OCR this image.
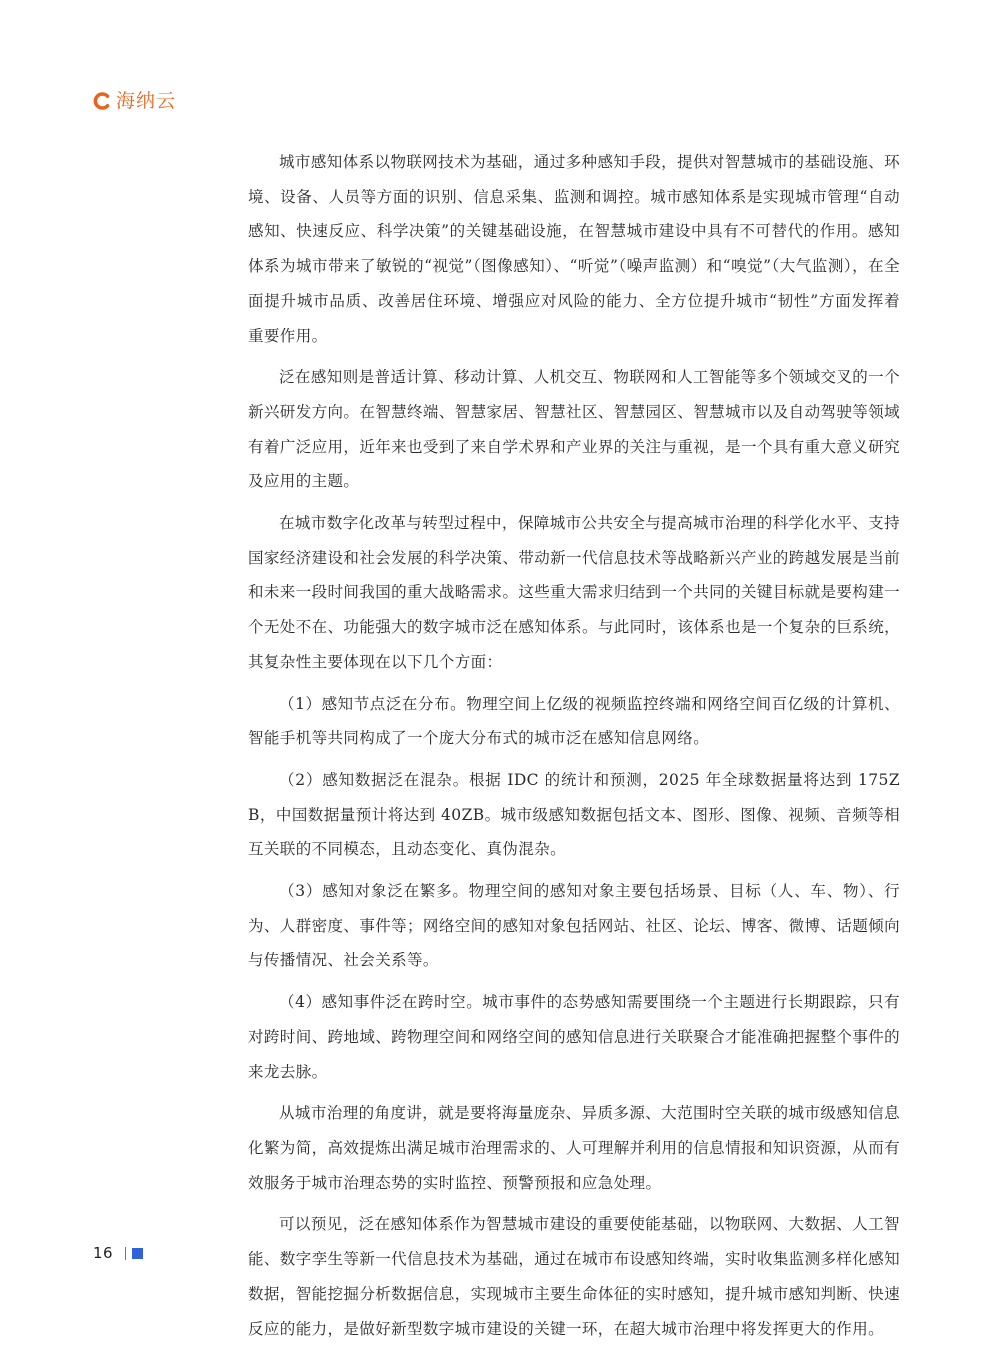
海纳云

城市感知体系以物联网技术为基础，通过多种感知手段，提供对智慧城市的基础设施、环境、设备、人员等方面的识别、信息采集、监测和调控。城市感知体系是实现城市管理“自动感知、快速反应、科学决策”的关键基础设施，在智慧城市建设中具有不可替代的作用。感知体系为城市带来了敏锐的“视觉”（图像感知）、“听觉”（噪声监测）和“嗅觉”（大气监测），在全面提升城市品质、改善居住环境、增强应对风险的能力、全方位提升城市“韧性”方面发挥着重要作用。

泛在感知则是普适计算、移动计算、人机交互、物联网和人工智能等多个领域交叉的一个新兴研发方向。在智慧终端、智慧家居、智慧社区、智慧园区、智慧城市以及自动驾驶等领域有着广泛应用，近年来也受到了来自学术界和产业界的关注与重视，是一个具有重大意义研究及应用的主题。

在城市数字化改革与转型过程中，保障城市公共安全与提高城市治理的科学化水平、支持国家经济建设和社会发展的科学决策、带动新一代信息技术等战略新兴产业的跨越发展是当前和未来一段时间我国的重大战略需求。这些重大需求归结到一个共同的关键目标就是要构建一个无处不在、功能强大的数字城市泛在感知体系。与此同时，该体系也是一个复杂的巨系统，其复杂性主要体现在以下几个方面：

（1）感知节点泛在分布。物理空间上亿级的视频监控终端和网络空间百亿级的计算机、智能手机等共同构成了一个庞大分布式的城市泛在感知信息网络。

（2）感知数据泛在混杂。根据 IDC 的统计和预测，2025 年全球数据量将达到 175ZB，中国数据量预计将达到 40ZB。城市级感知数据包括文本、图形、图像、视频、音频等相互关联的不同模态，且动态变化、真伪混杂。

（3）感知对象泛在繁多。物理空间的感知对象主要包括场景、目标（人、车、物）、行为、人群密度、事件等；网络空间的感知对象包括网站、社区、论坛、博客、微博、话题倾向与传播情况、社会关系等。

（4）感知事件泛在跨时空。城市事件的态势感知需要围绕一个主题进行长期跟踪，只有对跨时间、跨地域、跨物理空间和网络空间的感知信息进行关联聚合才能准确把握整个事件的来龙去脉。

从城市治理的角度讲，就是要将海量庞杂、异质多源、大范围时空关联的城市级感知信息化繁为简，高效提炼出满足城市治理需求的、人可理解并利用的信息情报和知识资源，从而有效服务于城市治理态势的实时监控、预警预报和应急处理。

可以预见，泛在感知体系作为智慧城市建设的重要使能基础，以物联网、大数据、人工智能、数字孪生等新一代信息技术为基础，通过在城市布设感知终端，实时收集监测多样化感知数据，智能挖掘分析数据信息，实现城市主要生命体征的实时感知，提升城市感知判断、快速反应的能力，是做好新型数字城市建设的关键一环，在超大城市治理中将发挥更大的作用。

16
